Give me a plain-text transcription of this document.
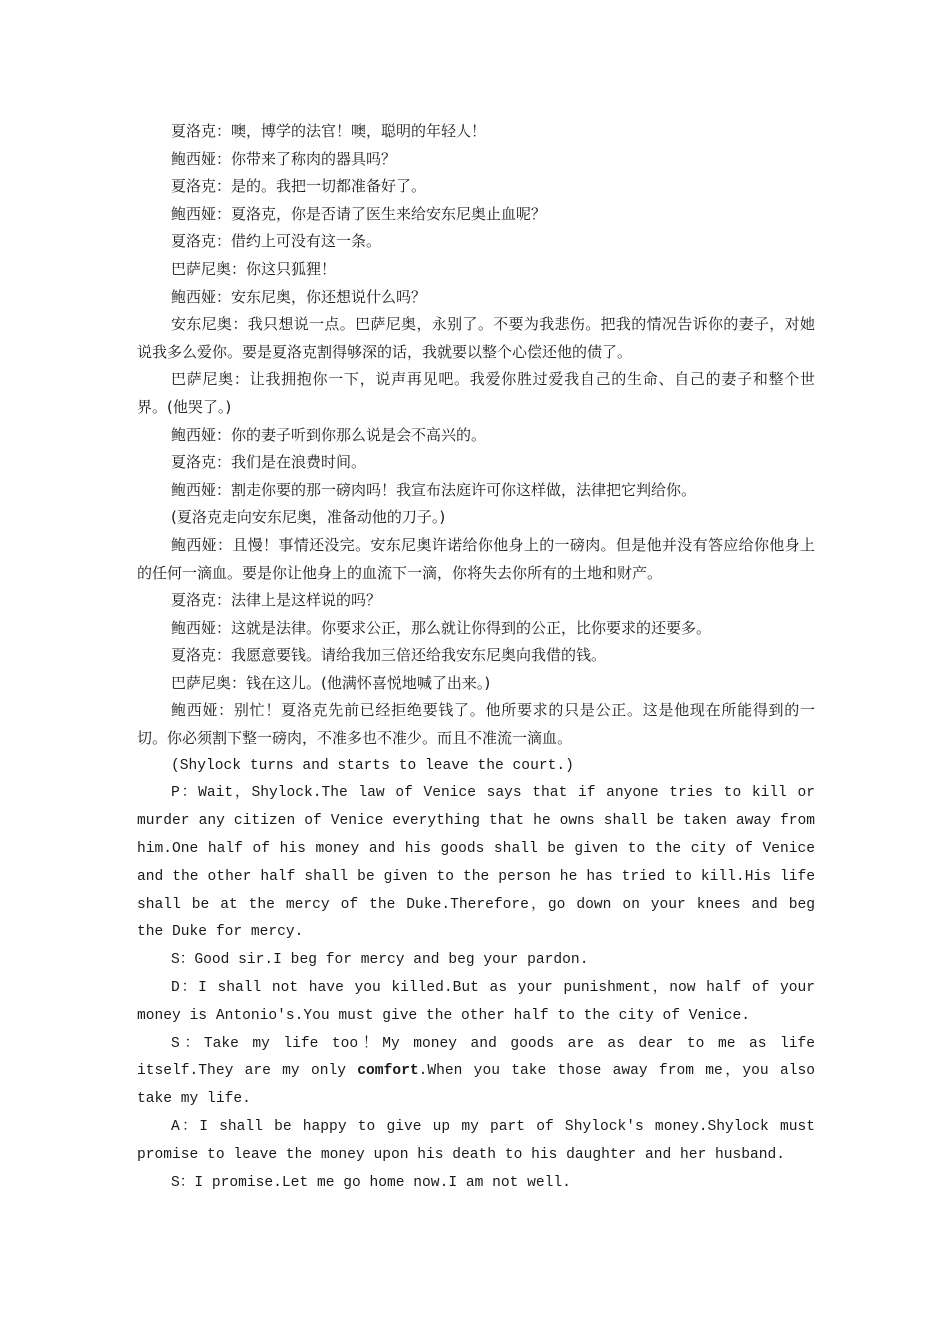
夏洛克：噢，博学的法官！噢，聪明的年轻人！

鲍西娅：你带来了称肉的器具吗？

夏洛克：是的。我把一切都准备好了。

鲍西娅：夏洛克，你是否请了医生来给安东尼奥止血呢？

夏洛克：借约上可没有这一条。

巴萨尼奥：你这只狐狸！

鲍西娅：安东尼奥，你还想说什么吗？

安东尼奥：我只想说一点。巴萨尼奥，永别了。不要为我悲伤。把我的情况告诉你的妻子，对她说我多么爱你。要是夏洛克割得够深的话，我就要以整个心偿还他的债了。

巴萨尼奥：让我拥抱你一下，说声再见吧。我爱你胜过爱我自己的生命、自己的妻子和整个世界。(他哭了。)

鲍西娅：你的妻子听到你那么说是会不高兴的。

夏洛克：我们是在浪费时间。

鲍西娅：割走你要的那一磅肉吗！我宣布法庭许可你这样做，法律把它判给你。

(夏洛克走向安东尼奥，准备动他的刀子。)

鲍西娅：且慢！事情还没完。安东尼奥许诺给你他身上的一磅肉。但是他并没有答应给你他身上的任何一滴血。要是你让他身上的血流下一滴，你将失去你所有的土地和财产。

夏洛克：法律上是这样说的吗？

鲍西娅：这就是法律。你要求公正，那么就让你得到的公正，比你要求的还要多。

夏洛克：我愿意要钱。请给我加三倍还给我安东尼奥向我借的钱。

巴萨尼奥：钱在这儿。(他满怀喜悦地喊了出来。)

鲍西娅：别忙！夏洛克先前已经拒绝要钱了。他所要求的只是公正。这是他现在所能得到的一切。你必须割下整一磅肉，不准多也不准少。而且不准流一滴血。

(Shylock turns and starts to leave the court.)

P：Wait，Shylock.The law of Venice says that if anyone tries to kill or murder any citizen of Venice everything that he owns shall be taken away from him.One half of his money and his goods shall be given to the city of Venice and the other half shall be given to the person he has tried to kill.His life shall be at the mercy of the Duke.Therefore，go down on your knees and beg the Duke for mercy.

S：Good sir.I beg for mercy and beg your pardon.

D：I shall not have you killed.But as your punishment，now half of your money is Antonio's.You must give the other half to the city of Venice.

S：Take my life too！My money and goods are as dear to me as life itself.They are my only comfort.When you take those away from me，you also take my life.

A：I shall be happy to give up my part of Shylock's money.Shylock must promise to leave the money upon his death to his daughter and her husband.

S：I promise.Let me go home now.I am not well.
